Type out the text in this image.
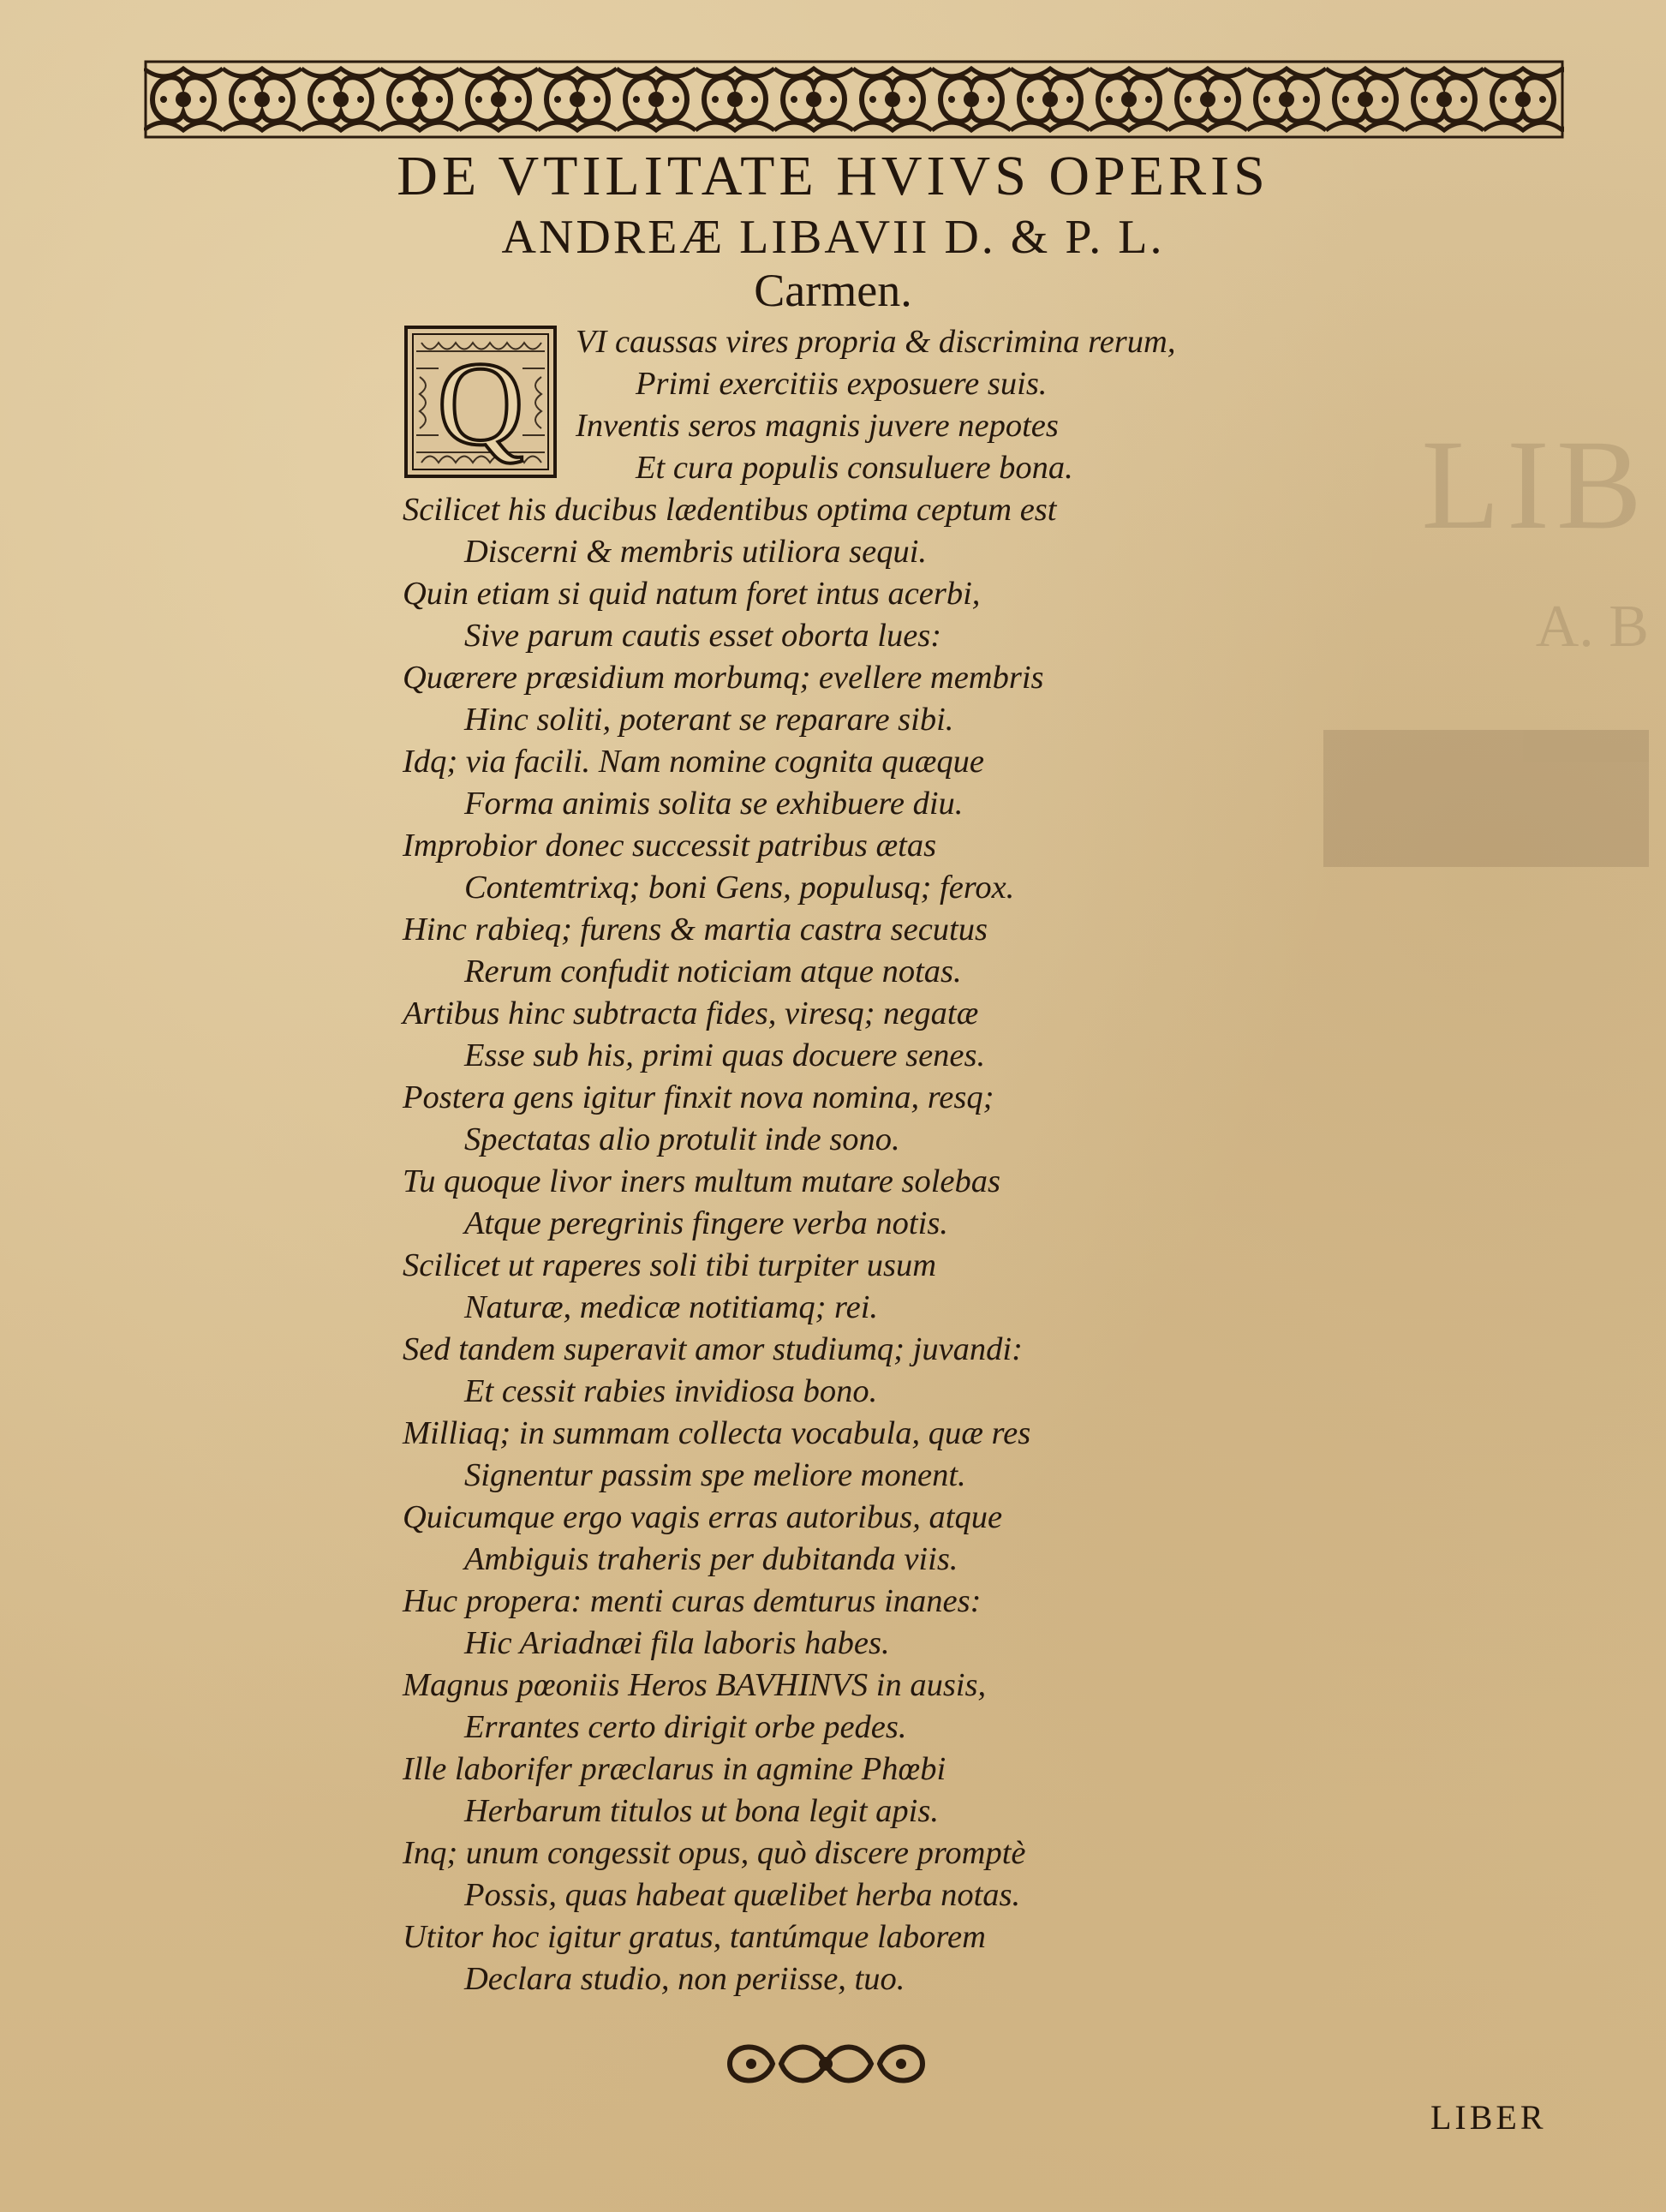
LIB
A. B

DE VTILITATE HVIVS OPERIS
ANDREÆ LIBAVII D. & P. L.
Carmen.
Q	VI caussas vires propria & discrimina rerum,
Primi exercitiis exposuere suis.
Inventis seros magnis juvere nepotes
Et cura populis consuluere bona.
Scilicet his ducibus lædentibus optima ceptum est
Discerni & membris utiliora sequi.
Quin etiam si quid natum foret intus acerbi,
Sive parum cautis esset oborta lues:
Quærere præsidium morbumq; evellere membris
Hinc soliti, poterant se reparare sibi.
Idq; via facili. Nam nomine cognita quæque
Forma animis solita se exhibuere diu.
Improbior donec successit patribus ætas
Contemtrixq; boni Gens, populusq; ferox.
Hinc rabieq; furens & martia castra secutus
Rerum confudit noticiam atque notas.
Artibus hinc subtracta fides, viresq; negatæ
Esse sub his, primi quas docuere senes.
Postera gens igitur finxit nova nomina, resq;
Spectatas alio protulit inde sono.
Tu quoque livor iners multum mutare solebas
Atque peregrinis fingere verba notis.
Scilicet ut raperes soli tibi turpiter usum
Naturæ, medicæ notitiamq; rei.
Sed tandem superavit amor studiumq; juvandi:
Et cessit rabies invidiosa bono.
Milliaq; in summam collecta vocabula, quæ res
Signentur passim spe meliore monent.
Quicumque ergo vagis erras autoribus, atque
Ambiguis traheris per dubitanda viis.
Huc propera: menti curas demturus inanes:
Hic Ariadnæi fila laboris habes.
Magnus pœoniis Heros BAVHINVS in ausis,
Errantes certo dirigit orbe pedes.
Ille laborifer præclarus in agmine Phœbi
Herbarum titulos ut bona legit apis.
Inq; unum congessit opus, quò discere promptè
Possis, quas habeat quælibet herba notas.
Utitor hoc igitur gratus, tantúmque laborem
Declara studio, non periisse, tuo.
LIBER
